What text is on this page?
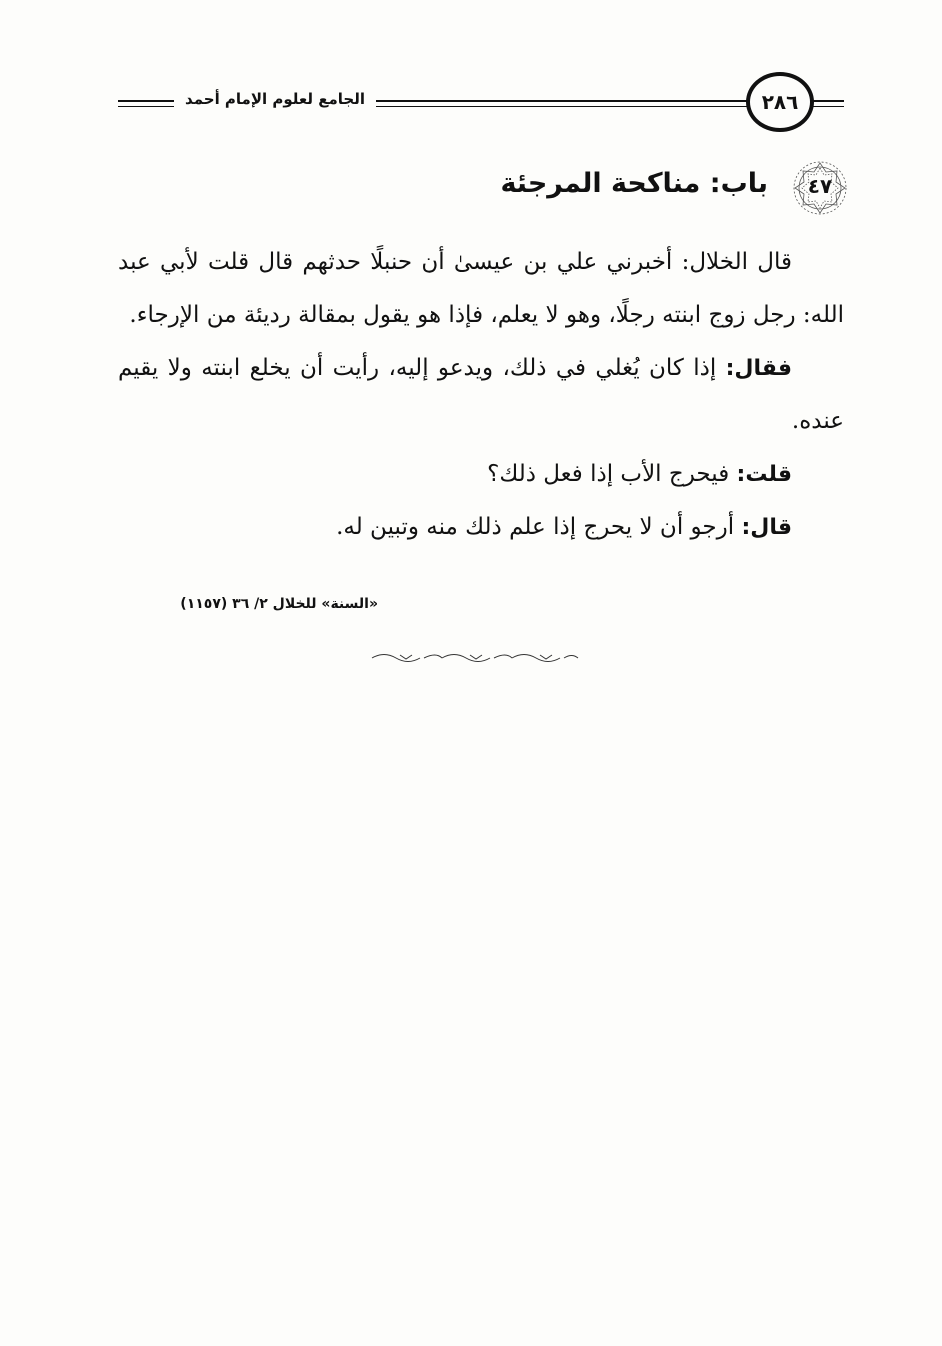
الجامع لعلوم الإمام أحمد	٢٨٦
باب: مناكحة المرجئة	٤٧

قال الخلال: أخبرني علي بن عيسىٰ أن حنبلًا حدثهم قال قلت لأبي عبد الله: رجل زوج ابنته رجلًا، وهو لا يعلم، فإذا هو يقول بمقالة رديئة من الإرجاء.

فقال: إذا كان يُغلي في ذلك، ويدعو إليه، رأيت أن يخلع ابنته ولا يقيم عنده.

قلت: فيحرج الأب إذا فعل ذلك؟

قال: أرجو أن لا يحرج إذا علم ذلك منه وتبين له.

«السنة» للخلال ٢/ ٣٦ (١١٥٧)
